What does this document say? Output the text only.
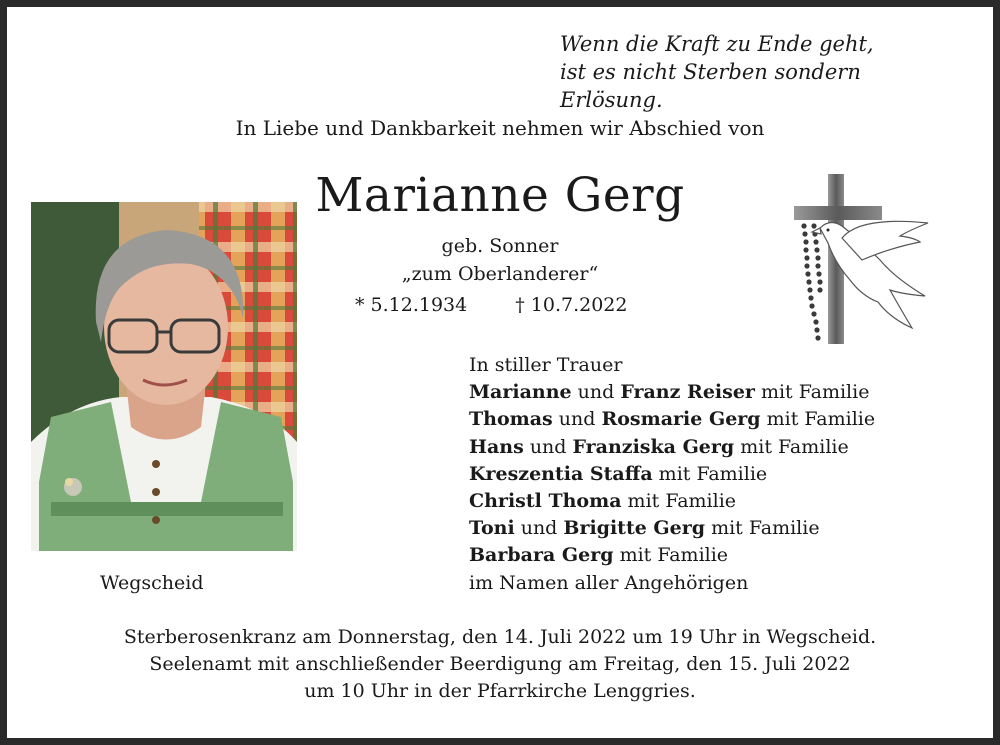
Wenn die Kraft zu Ende geht,
ist es nicht Sterben sondern Erlösung.
In Liebe und Dankbarkeit nehmen wir Abschied von
Marianne Gerg
geb. Sonner
„zum Oberlanderer“
* 5.12.1934	† 10.7.2022
Wegscheid
In stiller Trauer
Marianne und Franz Reiser mit Familie
Thomas und Rosmarie Gerg mit Familie
Hans und Franziska Gerg mit Familie
Kreszentia Staffa mit Familie
Christl Thoma mit Familie
Toni und Brigitte Gerg mit Familie
Barbara Gerg mit Familie
im Namen aller Angehörigen
Sterberosenkranz am Donnerstag, den 14. Juli 2022 um 19 Uhr in Wegscheid.
Seelenamt mit anschließender Beerdigung am Freitag, den 15. Juli 2022
um 10 Uhr in der Pfarrkirche Lenggries.
